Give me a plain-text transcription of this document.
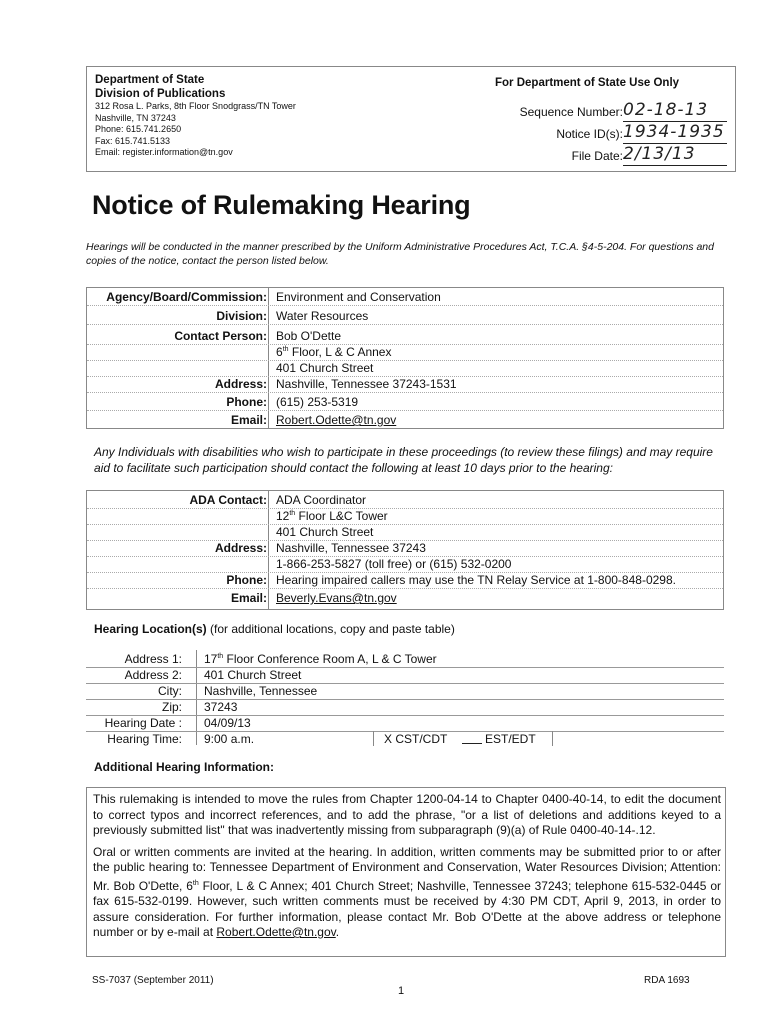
Department of State
Division of Publications
312 Rosa L. Parks, 8th Floor Snodgrass/TN Tower
Nashville, TN 37243
Phone: 615.741.2650
Fax: 615.741.5133
Email: register.information@tn.gov
For Department of State Use Only
Sequence Number: 02-18-13
Notice ID(s): 1934-1935
File Date: 2/13/13
Notice of Rulemaking Hearing
Hearings will be conducted in the manner prescribed by the Uniform Administrative Procedures Act, T.C.A. §4-5-204. For questions and copies of the notice, contact the person listed below.
Agency/Board/Commission: Environment and Conservation
Division: Water Resources
Contact Person: Bob O'Dette
6th Floor, L & C Annex
401 Church Street
Address: Nashville, Tennessee 37243-1531
Phone: (615) 253-5319
Email: Robert.Odette@tn.gov
Any Individuals with disabilities who wish to participate in these proceedings (to review these filings) and may require aid to facilitate such participation should contact the following at least 10 days prior to the hearing:
ADA Contact: ADA Coordinator
12th Floor L&C Tower
401 Church Street
Address: Nashville, Tennessee 37243
1-866-253-5827 (toll free) or (615) 532-0200
Phone: Hearing impaired callers may use the TN Relay Service at 1-800-848-0298.
Email: Beverly.Evans@tn.gov
Hearing Location(s) (for additional locations, copy and paste table)
Address 1: 17th Floor Conference Room A, L & C Tower
Address 2: 401 Church Street
City: Nashville, Tennessee
Zip: 37243
Hearing Date : 04/09/13
Hearing Time: 9:00 a.m.	X CST/CDT	EST/EDT
Additional Hearing Information:

This rulemaking is intended to move the rules from Chapter 1200-04-14 to Chapter 0400-40-14, to edit the document to correct typos and incorrect references, and to add the phrase, "or a list of deletions and additions keyed to a previously submitted list" that was inadvertently missing from subparagraph (9)(a) of Rule 0400-40-14-.12.

Oral or written comments are invited at the hearing. In addition, written comments may be submitted prior to or after the public hearing to: Tennessee Department of Environment and Conservation, Water Resources Division; Attention: Mr. Bob O'Dette, 6th Floor, L & C Annex; 401 Church Street; Nashville, Tennessee 37243; telephone 615-532-0445 or fax 615-532-0199. However, such written comments must be received by 4:30 PM CDT, April 9, 2013, in order to assure consideration. For further information, please contact Mr. Bob O'Dette at the above address or telephone number or by e-mail at Robert.Odette@tn.gov.

SS-7037 (September 2011)
1
RDA 1693
